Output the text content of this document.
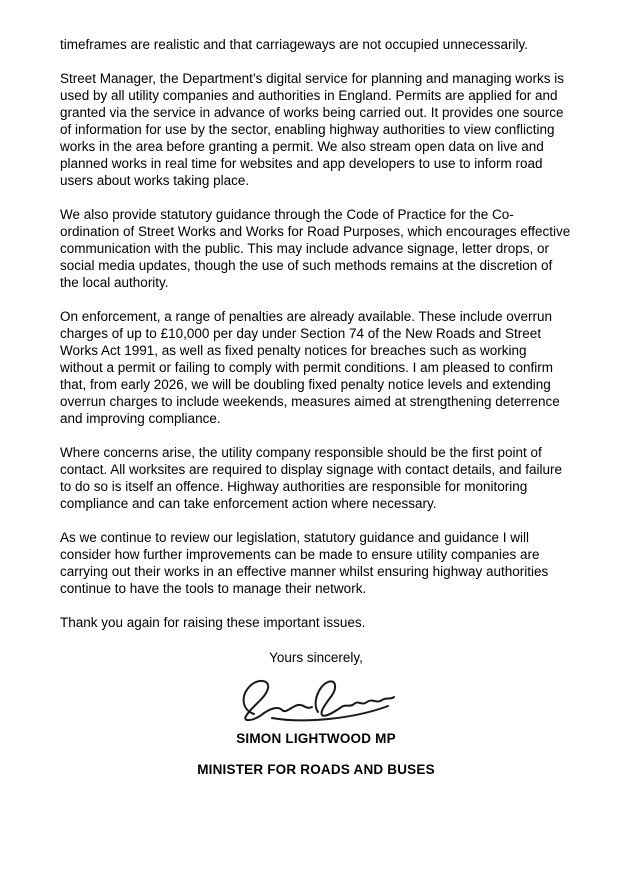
timeframes are realistic and that carriageways are not occupied unnecessarily.

Street Manager, the Department’s digital service for planning and managing works is used by all utility companies and authorities in England. Permits are applied for and granted via the service in advance of works being carried out. It provides one source of information for use by the sector, enabling highway authorities to view conflicting works in the area before granting a permit. We also stream open data on live and planned works in real time for websites and app developers to use to inform road users about works taking place.

We also provide statutory guidance through the Code of Practice for the Co-ordination of Street Works and Works for Road Purposes, which encourages effective communication with the public. This may include advance signage, letter drops, or social media updates, though the use of such methods remains at the discretion of the local authority.

On enforcement, a range of penalties are already available. These include overrun charges of up to £10,000 per day under Section 74 of the New Roads and Street Works Act 1991, as well as fixed penalty notices for breaches such as working without a permit or failing to comply with permit conditions. I am pleased to confirm that, from early 2026, we will be doubling fixed penalty notice levels and extending overrun charges to include weekends, measures aimed at strengthening deterrence and improving compliance.

Where concerns arise, the utility company responsible should be the first point of contact. All worksites are required to display signage with contact details, and failure to do so is itself an offence. Highway authorities are responsible for monitoring compliance and can take enforcement action where necessary.

As we continue to review our legislation, statutory guidance and guidance I will consider how further improvements can be made to ensure utility companies are carrying out their works in an effective manner whilst ensuring highway authorities continue to have the tools to manage their network.

Thank you again for raising these important issues.

Yours sincerely,

SIMON LIGHTWOOD MP

MINISTER FOR ROADS AND BUSES
